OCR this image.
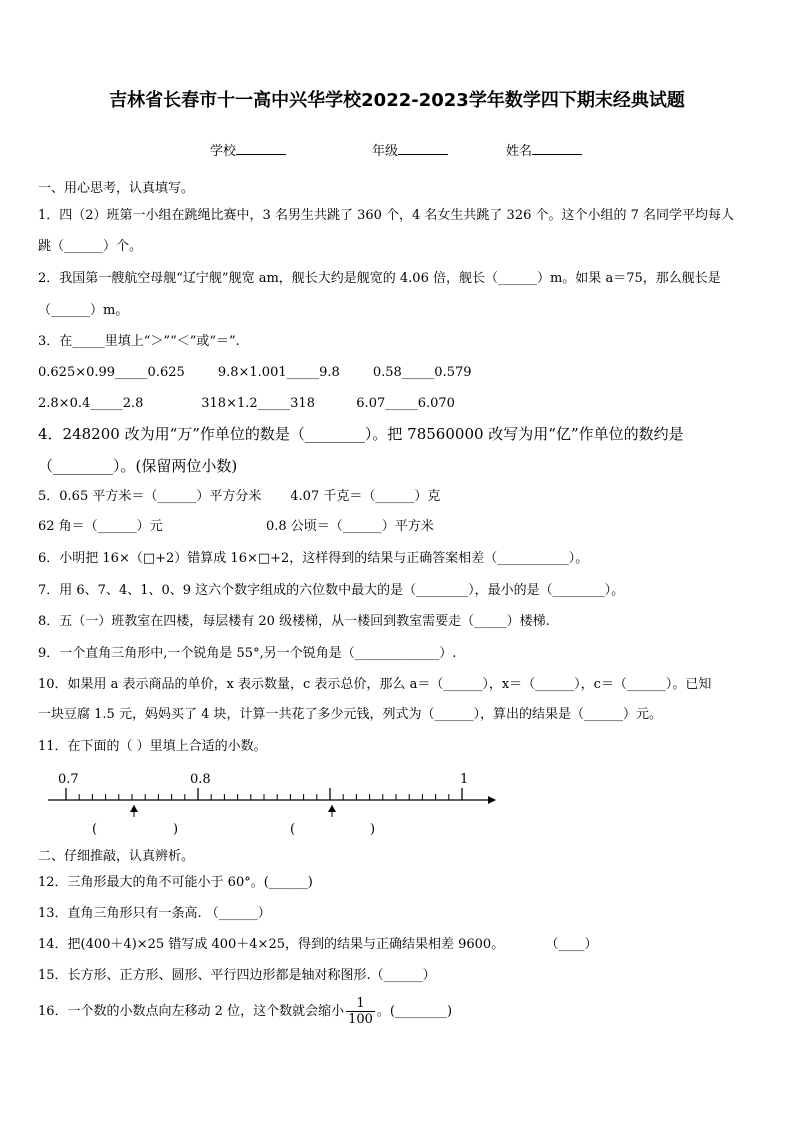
吉林省长春市十一高中兴华学校2022-2023学年数学四下期末经典试题
学校	年级	姓名
一、用心思考，认真填写。
1．四（2）班第一小组在跳绳比赛中，3 名男生共跳了 360 个，4 名女生共跳了 326 个。这个小组的 7 名同学平均每人
跳（______）个。
2．我国第一艘航空母舰“辽宁舰”舰宽 am，舰长大约是舰宽的 4.06 倍，舰长（______）m。如果 a＝75，那么舰长是
（______）m。
3．在_____里填上“＞”“＜”或“＝”.
0.625×0.99_____0.625        9.8×1.001_____9.8        0.58_____0.579
2.8×0.4_____2.8              318×1.2_____318          6.07_____6.070
4．248200 改为用“万”作单位的数是（________）。把 78560000 改写为用“亿”作单位的数约是
（________）。(保留两位小数)
5．0.65 平方米＝（______）平方分米       4.07 千克＝（______）克
62 角＝（______）元                         0.8 公顷＝（______）平方米
6．小明把 16×（□+2）错算成 16×□+2，这样得到的结果与正确答案相差（___________）。
7．用 6、7、4、1、0、9 这六个数字组成的六位数中最大的是（________），最小的是（________）。
8．五（一）班教室在四楼，每层楼有 20 级楼梯，从一楼回到教室需要走（_____）楼梯.
9．一个直角三角形中,一个锐角是 55°,另一个锐角是（_____________）.
10．如果用 a 表示商品的单价，x 表示数量，c 表示总价，那么 a＝（______），x＝（______），c＝（______）。已知
一块豆腐 1.5 元，妈妈买了 4 块，计算一共花了多少元钱，列式为（______），算出的结果是（______）元。
11．在下面的（ ）里填上合适的小数。
0.7	0.8	1
(	)	(	)
二、仔细推敲，认真辨析。
12．三角形最大的角不可能小于 60°。(______)
13．直角三角形只有一条高. （______）
14．把(400＋4)×25 错写成 400＋4×25，得到的结果与正确结果相差 9600。          （____）
15．长方形、正方形、圆形、平行四边形都是轴对称图形.（______）
16．一个数的小数点向左移动 2 位，这个数就会缩小 $\frac{1}{100}$ 。(________)
